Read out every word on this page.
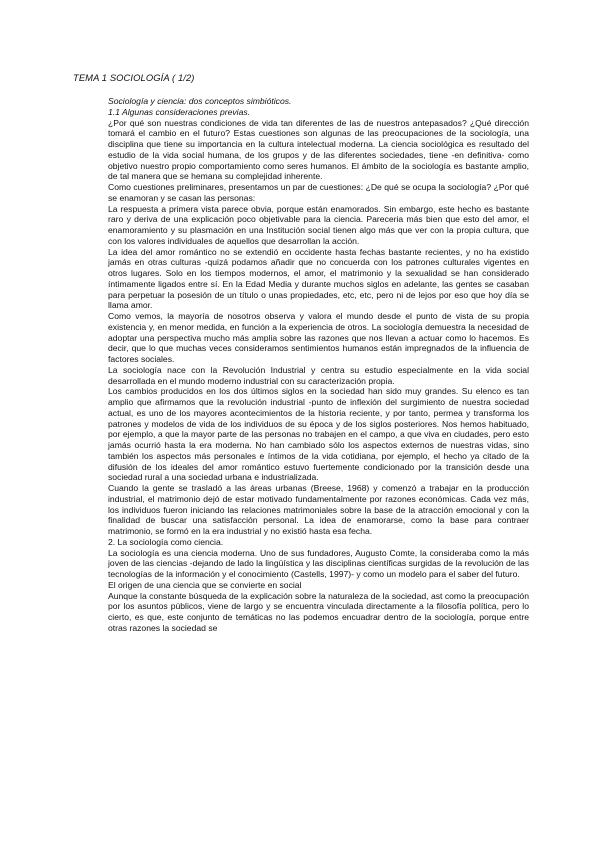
TEMA 1 SOCIOLOGÍA ( 1/2)

Sociología y ciencia: dos conceptos simbióticos.

1.1 Algunas consideraciones previas.

¿Por qué son nuestras condiciones de vida tan diferentes de las de nuestros antepasados? ¿Qué dirección tomará el cambio en el futuro? Estas cuestiones son algunas de las preocupaciones de la sociología, una disciplina que tiene su importancia en la cultura intelectual moderna. La ciencia sociológica es resultado del estudio de la vida social humana, de los grupos y de las diferentes sociedades, tiene -en definitiva- como objetivo nuestro propio comportamiento como seres humanos. El ámbito de la sociología es bastante amplio, de tal manera que se hemana su complejidad inherente.

Como cuestiones preliminares, presentamos un par de cuestiones: ¿De qué se ocupa la sociología? ¿Por qué se enamoran y se casan las personas:

La respuesta a primera vista parece obvia, porque están enamorados. Sin embargo, este hecho es bastante raro y deriva de una explicación poco objetivable para la ciencia. Pareceria más bien que esto del amor, el enamoramiento y su plasmación en una Institución social tienen algo más que ver con la propia cultura, que con los valores individuales de aquellos que desarrollan la acción.

La idea del amor romántico no se extendió en occidente hasta fechas bastante recientes, y no ha existido jamás en otras culturas -quizá podamos añadir que no concuerda con los patrones culturales vigentes en otros lugares. Solo en los tiempos modernos, el amor, el matrimonio y la sexualidad se han considerado íntimamente ligados entre sí. En la Edad Media y durante muchos siglos en adelante, las gentes se casaban para perpetuar la posesión de un título o unas propiedades, etc, etc, pero ni de lejos por eso que hoy día se llama amor.

Como vemos, la mayoría de nosotros observa y valora el mundo desde el punto de vista de su propia existencia y, en menor medida, en función a la experiencia de otros. La sociología demuestra la necesidad de adoptar una perspectiva mucho más amplia sobre las razones que nos llevan a actuar como lo hacemos. Es decir, que lo que muchas veces consideramos sentimientos humanos están impregnados de la influencia de factores sociales.

La sociología nace con la Revolución Industrial y centra su estudio especialmente en la vida social desarrollada en el mundo moderno industrial con su caracterización propia.

Los cambios producidos en los dos últimos siglos en la sociedad han sido muy grandes. Su elenco es tan amplio que afirmamos que la revolución industrial -punto de inflexión del surgimiento de nuestra sociedad actual, es uno de los mayores acontecimientos de la historia reciente, y por tanto, permea y transforma los patrones y modelos de vida de los individuos de su época y de los siglos posteriores. Nos hemos habituado, por ejemplo, a que la mayor parte de las personas no trabajen en el campo, a que viva en ciudades, pero esto jamás ocurrió hasta la era moderna. No han cambiado sólo los aspectos externos de nuestras vidas, sino también los aspectos más personales e íntimos de la vida cotidiana, por ejemplo, el hecho ya citado de la difusión de los ideales del amor romántico estuvo fuertemente condicionado por la transición desde una sociedad rural a una sociedad urbana e industrializada.

Cuando la gente se trasladó a las áreas urbanas (Breese, 1968) y comenzó a trabajar en la producción industrial, el matrimonio dejó de estar motivado fundamentalmente por razones económicas. Cada vez más, los individuos fueron iniciando las relaciones matrimoniales sobre la base de la atracción emocional y con la finalidad de buscar una satisfacción personal. La idea de enamorarse, como la base para contraer matrimonio, se formó en la era industrial y no existió hasta esa fecha.

2. La sociología como ciencia.

La sociología es una ciencia moderna. Uno de sus fundadores, Augusto Comte, la consideraba como la más joven de las ciencias -dejando de lado la lingüística y las disciplinas científicas surgidas de la revolución de las tecnologías de la información y el conocimiento (Castells, 1997)- y como un modelo para el saber del futuro.

El origen de una ciencia que se convierte en social

Aunque la constante búsqueda de la explicación sobre la naturaleza de la sociedad, ast como la preocupación por los asuntos públicos, viene de largo y se encuentra vinculada directamente a la filosofía política, pero lo cierto, es que, este conjunto de temáticas no las podemos encuadrar dentro de la sociología, porque entre otras razones la sociedad se
